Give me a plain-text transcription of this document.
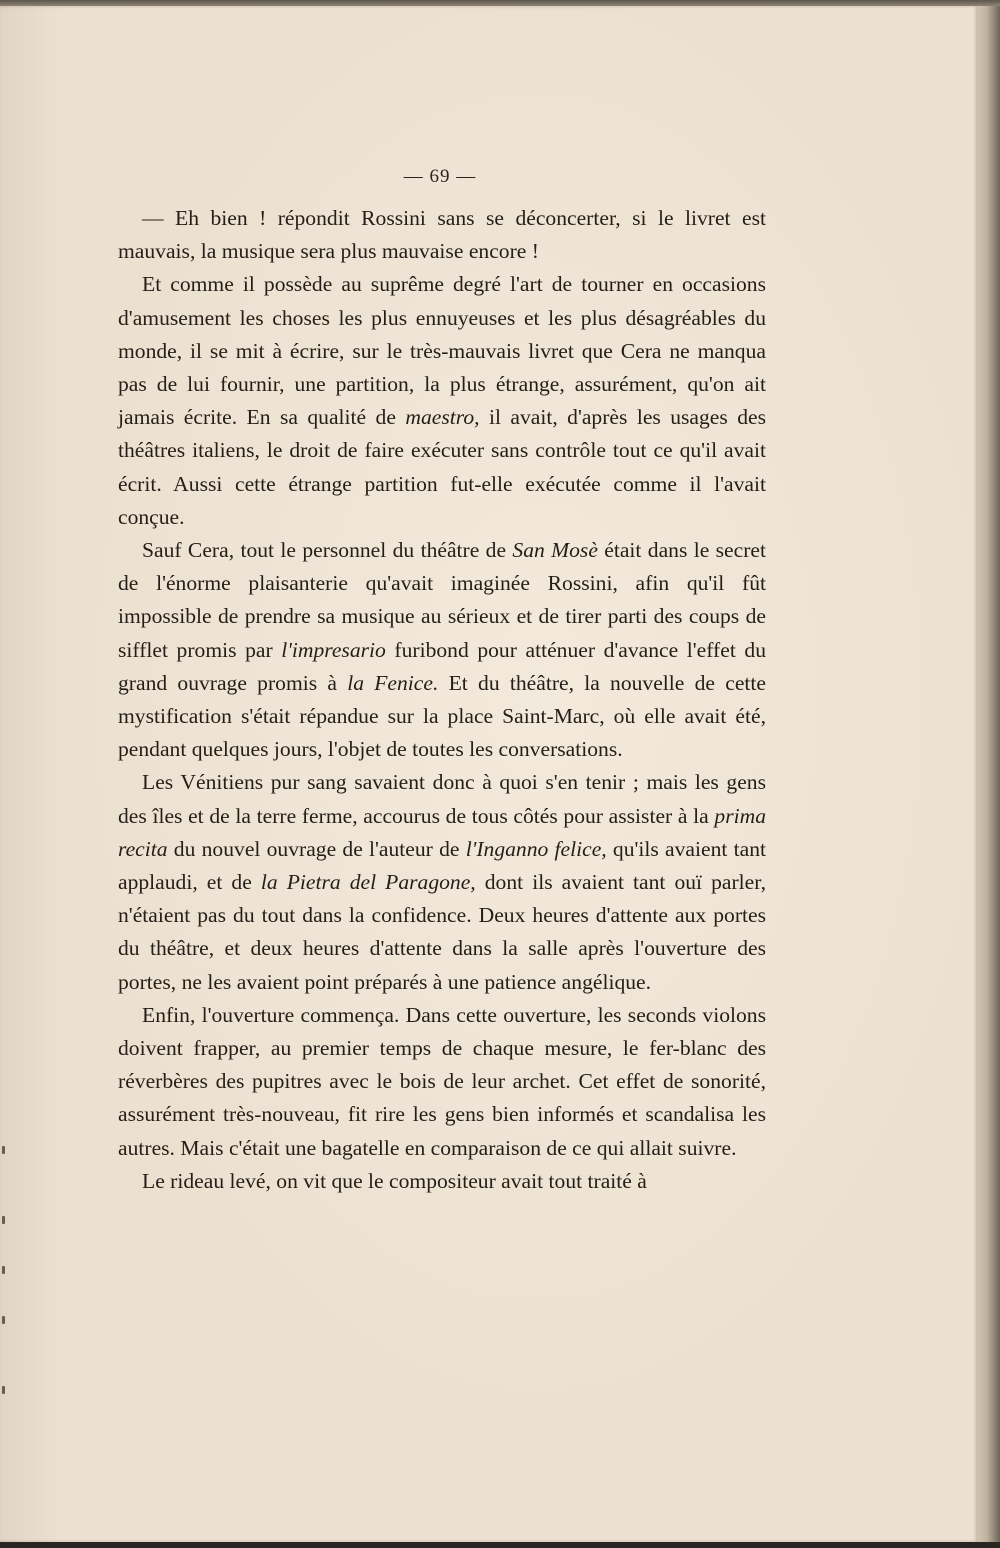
— 69 —

— Eh bien ! répondit Rossini sans se déconcerter, si le livret est mauvais, la musique sera plus mauvaise encore !

Et comme il possède au suprême degré l'art de tourner en occasions d'amusement les choses les plus ennuyeuses et les plus désagréables du monde, il se mit à écrire, sur le très-mauvais livret que Cera ne manqua pas de lui fournir, une partition, la plus étrange, assurément, qu'on ait jamais écrite. En sa qualité de maestro, il avait, d'après les usages des théâtres italiens, le droit de faire exécuter sans contrôle tout ce qu'il avait écrit. Aussi cette étrange partition fut-elle exécutée comme il l'avait conçue.

Sauf Cera, tout le personnel du théâtre de San Mosè était dans le secret de l'énorme plaisanterie qu'avait imaginée Rossini, afin qu'il fût impossible de prendre sa musique au sérieux et de tirer parti des coups de sifflet promis par l'impresario furibond pour atténuer d'avance l'effet du grand ouvrage promis à la Fenice. Et du théâtre, la nouvelle de cette mystification s'était répandue sur la place Saint-Marc, où elle avait été, pendant quelques jours, l'objet de toutes les conversations.

Les Vénitiens pur sang savaient donc à quoi s'en tenir ; mais les gens des îles et de la terre ferme, accourus de tous côtés pour assister à la prima recita du nouvel ouvrage de l'auteur de l'Inganno felice, qu'ils avaient tant applaudi, et de la Pietra del Paragone, dont ils avaient tant ouï parler, n'étaient pas du tout dans la confidence. Deux heures d'attente aux portes du théâtre, et deux heures d'attente dans la salle après l'ouverture des portes, ne les avaient point préparés à une patience angélique.

Enfin, l'ouverture commença. Dans cette ouverture, les seconds violons doivent frapper, au premier temps de chaque mesure, le fer-blanc des réverbères des pupitres avec le bois de leur archet. Cet effet de sonorité, assurément très-nouveau, fit rire les gens bien informés et scandalisa les autres. Mais c'était une bagatelle en comparaison de ce qui allait suivre.

Le rideau levé, on vit que le compositeur avait tout traité à
